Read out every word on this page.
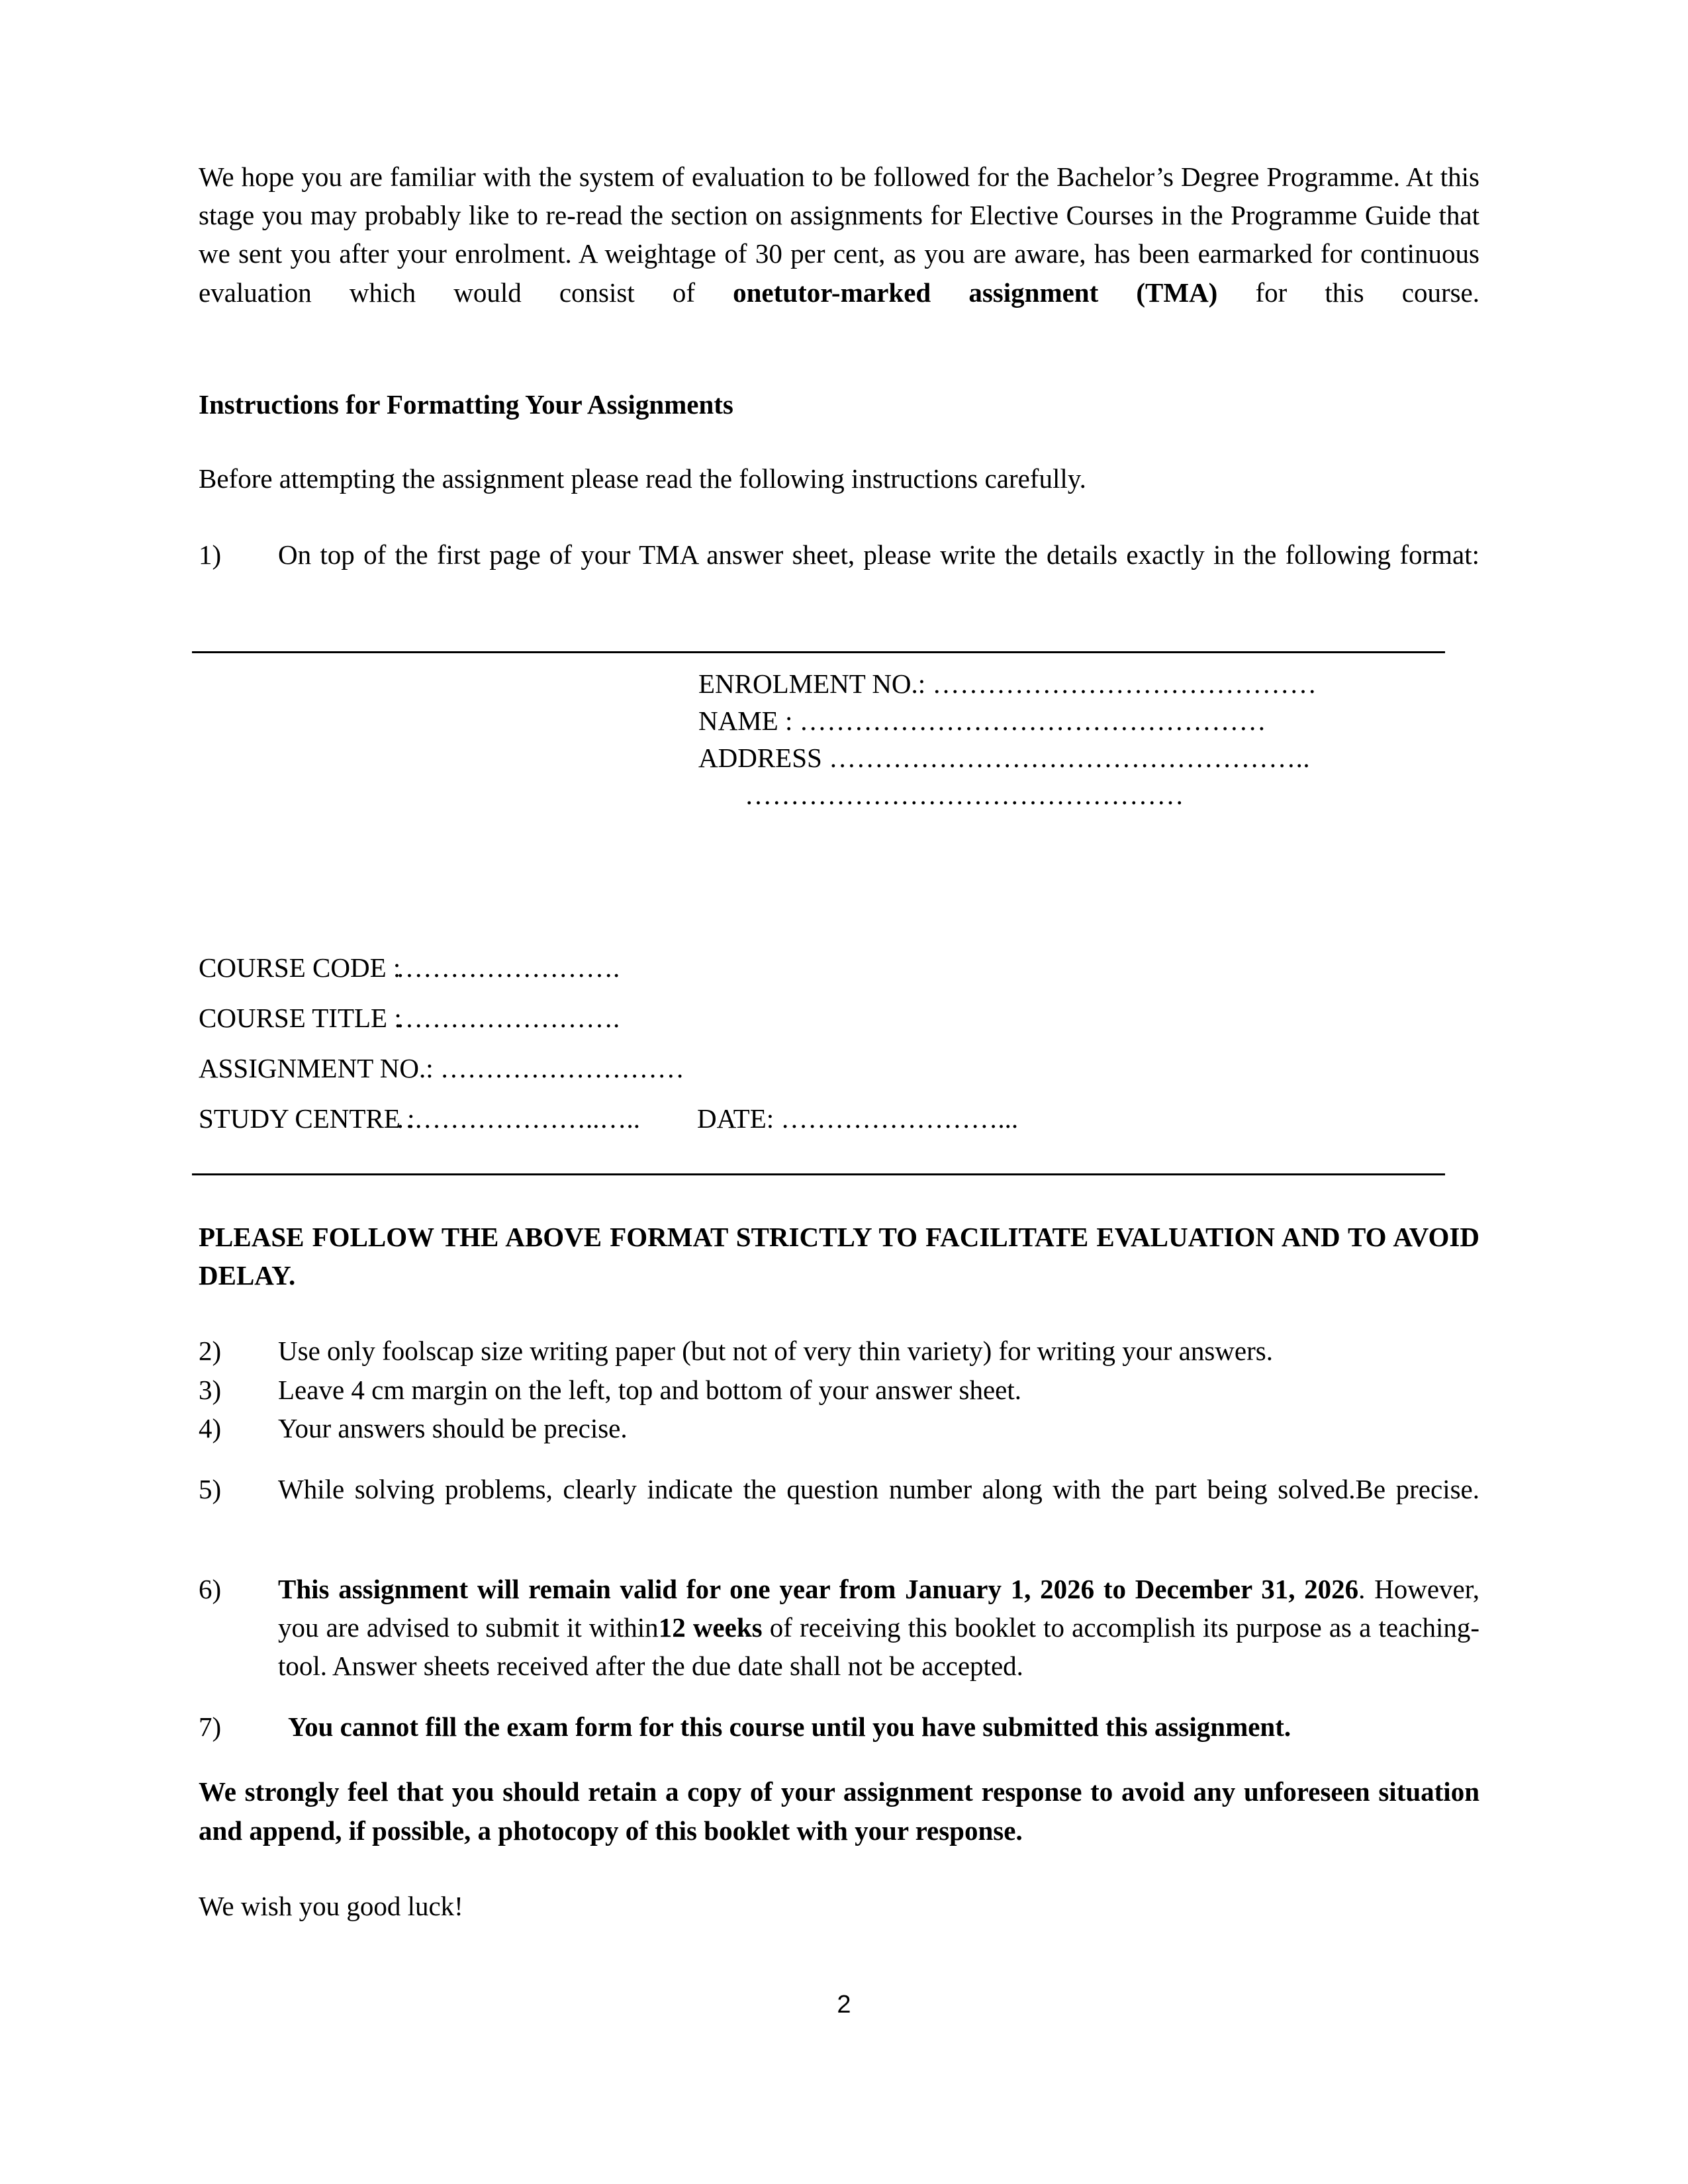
We hope you are familiar with the system of evaluation to be followed for the Bachelor’s Degree Programme. At this stage you may probably like to re-read the section on assignments for Elective Courses in the Programme Guide that we sent you after your enrolment. A weightage of 30 per cent, as you are aware, has been earmarked for continuous evaluation which would consist of onetutor-marked assignment (TMA) for this course.

Instructions for Formatting Your Assignments

Before attempting the assignment please read the following instructions carefully.

1)	On top of the first page of your TMA answer sheet, please write the details exactly in the following format:
ENROLMENT NO.: ……………………………………
NAME : ……………………………………………
ADDRESS ……………………………………………..
…………………………………………
COURSE CODE :…………………….
COURSE TITLE :…………………….
ASSIGNMENT NO.: ………………………
STUDY CENTRE :…………………..….. DATE: ……………………...

PLEASE FOLLOW THE ABOVE FORMAT STRICTLY TO FACILITATE EVALUATION AND TO AVOID DELAY.

2)	Use only foolscap size writing paper (but not of very thin variety) for writing your answers.
3)	Leave 4 cm margin on the left, top and bottom of your answer sheet.
4)	Your answers should be precise.
5)	While solving problems, clearly indicate the question number along with the part being solved.Be precise.
6)	This assignment will remain valid for one year from January 1, 2026 to December 31, 2026. However, you are advised to submit it within12 weeks of receiving this booklet to accomplish its purpose as a teaching-tool. Answer sheets received after the due date shall not be accepted.
7)	You cannot fill the exam form for this course until you have submitted this assignment.

We strongly feel that you should retain a copy of your assignment response to avoid any unforeseen situation and append, if possible, a photocopy of this booklet with your response.

We wish you good luck!

2
